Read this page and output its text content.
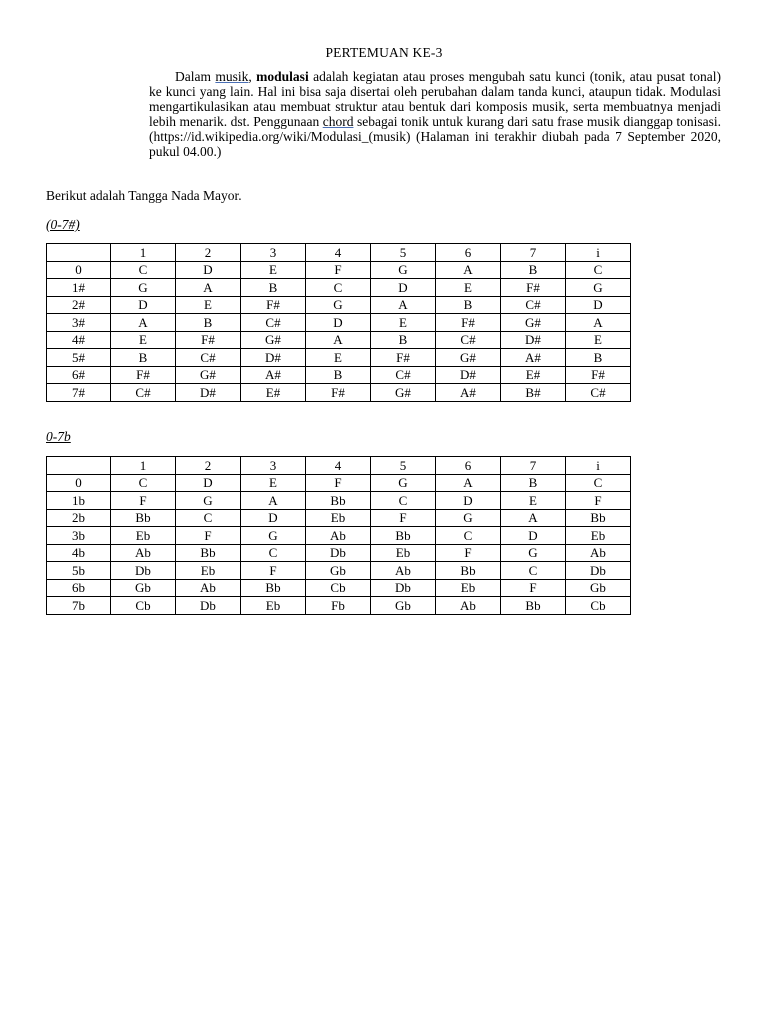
PERTEMUAN KE-3

Dalam musik, modulasi adalah kegiatan atau proses mengubah satu kunci (tonik, atau pusat tonal) ke kunci yang lain. Hal ini bisa saja disertai oleh perubahan dalam tanda kunci, ataupun tidak. Modulasi mengartikulasikan atau membuat struktur atau bentuk dari komposis musik, serta membuatnya menjadi lebih menarik. dst. Penggunaan chord sebagai tonik untuk kurang dari satu frase musik dianggap tonisasi. (https://id.wikipedia.org/wiki/Modulasi_(musik) (Halaman ini terakhir diubah pada 7 September 2020, pukul 04.00.)

Berikut adalah Tangga Nada Mayor.
(0-7#)
	1	2	3	4	5	6	7	i
0	C	D	E	F	G	A	B	C
1#	G	A	B	C	D	E	F#	G
2#	D	E	F#	G	A	B	C#	D
3#	A	B	C#	D	E	F#	G#	A
4#	E	F#	G#	A	B	C#	D#	E
5#	B	C#	D#	E	F#	G#	A#	B
6#	F#	G#	A#	B	C#	D#	E#	F#
7#	C#	D#	E#	F#	G#	A#	B#	C#
0-7b
	1	2	3	4	5	6	7	i
0	C	D	E	F	G	A	B	C
1b	F	G	A	Bb	C	D	E	F
2b	Bb	C	D	Eb	F	G	A	Bb
3b	Eb	F	G	Ab	Bb	C	D	Eb
4b	Ab	Bb	C	Db	Eb	F	G	Ab
5b	Db	Eb	F	Gb	Ab	Bb	C	Db
6b	Gb	Ab	Bb	Cb	Db	Eb	F	Gb
7b	Cb	Db	Eb	Fb	Gb	Ab	Bb	Cb
